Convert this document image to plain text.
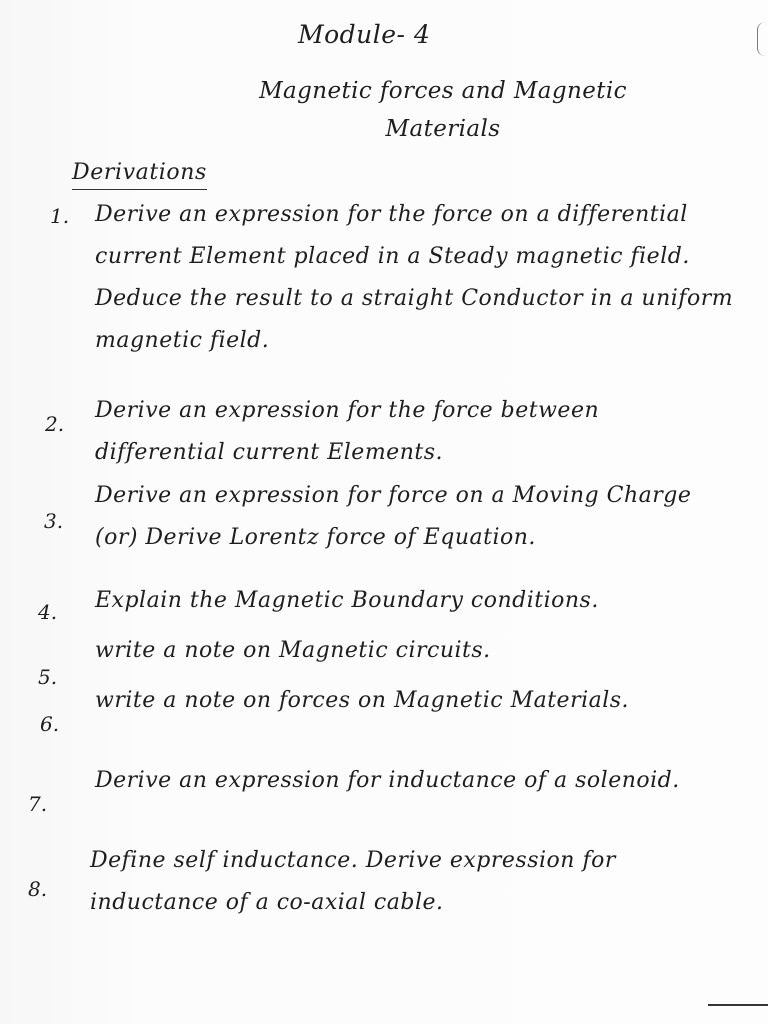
Module- 4
Magnetic forces and Magnetic Materials
Derivations
1. Derive an expression for the force on a differential current Element placed in a Steady magnetic field. Deduce the result to a straight Conductor in a uniform magnetic field.
2.
Derive an expression for the force between differential current Elements.
3.
Derive an expression for force on a Moving Charge (or) Derive Lorentz force of Equation.
4. Explain the Magnetic Boundary conditions.
5.
write a note on Magnetic circuits.
6.
write a note on forces on Magnetic Materials.
7.
Derive an expression for inductance of a solenoid.
8.
Define self inductance. Derive expression for inductance of a co-axial cable.
